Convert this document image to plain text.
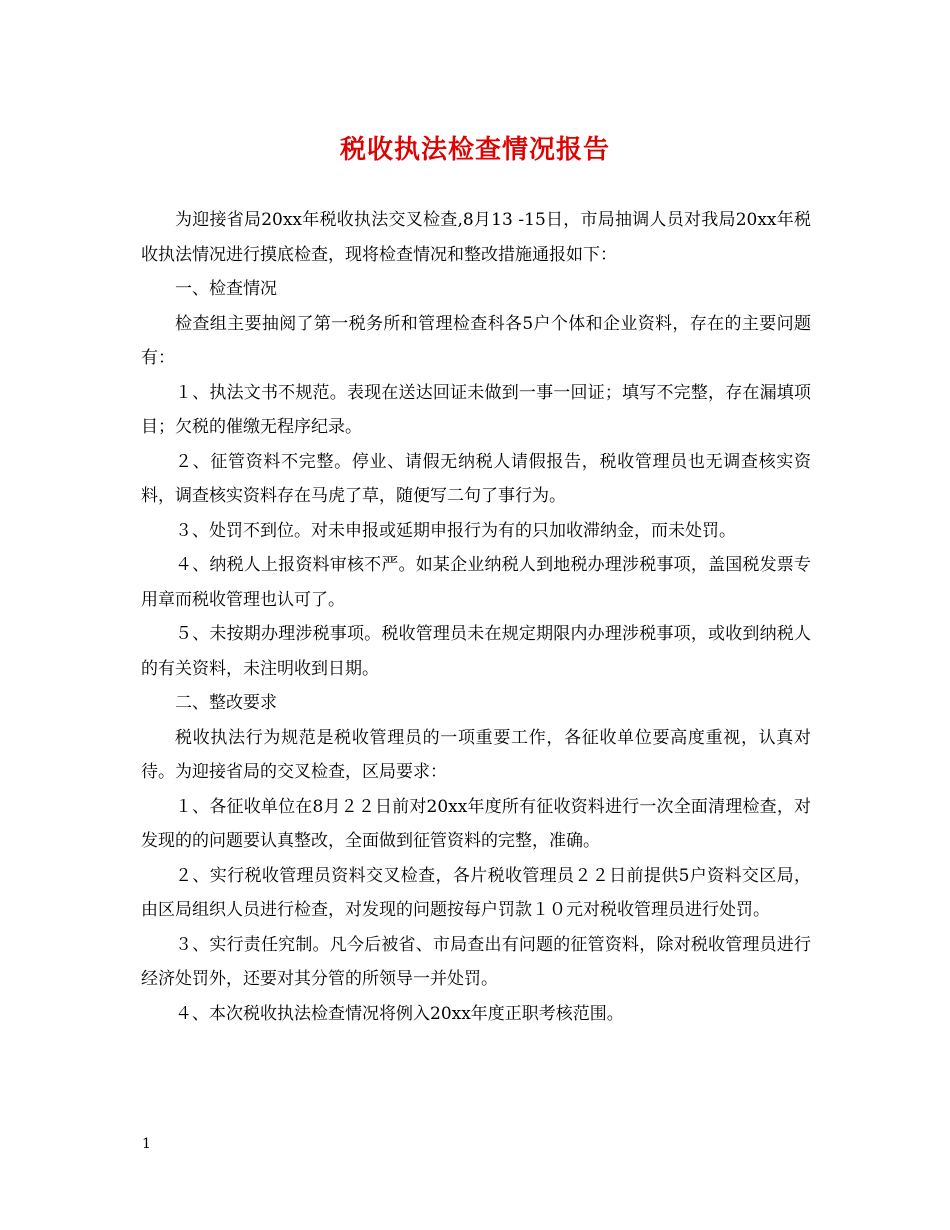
税收执法检查情况报告

为迎接省局20xx年税收执法交叉检查,8月13 -15日，市局抽调人员对我局20xx年税收执法情况进行摸底检查，现将检查情况和整改措施通报如下：

一、检查情况

检查组主要抽阅了第一税务所和管理检查科各5户个体和企业资料，存在的主要问题有：

１、执法文书不规范。表现在送达回证未做到一事一回证；填写不完整，存在漏填项目；欠税的催缴无程序纪录。

２、征管资料不完整。停业、请假无纳税人请假报告，税收管理员也无调查核实资料，调查核实资料存在马虎了草，随便写二句了事行为。

３、处罚不到位。对未申报或延期申报行为有的只加收滞纳金，而未处罚。

４、纳税人上报资料审核不严。如某企业纳税人到地税办理涉税事项，盖国税发票专用章而税收管理也认可了。

５、未按期办理涉税事项。税收管理员未在规定期限内办理涉税事项，或收到纳税人的有关资料，未注明收到日期。

二、整改要求

税收执法行为规范是税收管理员的一项重要工作，各征收单位要高度重视，认真对待。为迎接省局的交叉检查，区局要求：

１、各征收单位在8月２２日前对20xx年度所有征收资料进行一次全面清理检查，对发现的的问题要认真整改，全面做到征管资料的完整，准确。

２、实行税收管理员资料交叉检查，各片税收管理员２２日前提供5户资料交区局，由区局组织人员进行检查，对发现的问题按每户罚款１０元对税收管理员进行处罚。

３、实行责任究制。凡今后被省、市局查出有问题的征管资料，除对税收管理员进行经济处罚外，还要对其分管的所领导一并处罚。

４、本次税收执法检查情况将例入20xx年度正职考核范围。

1
